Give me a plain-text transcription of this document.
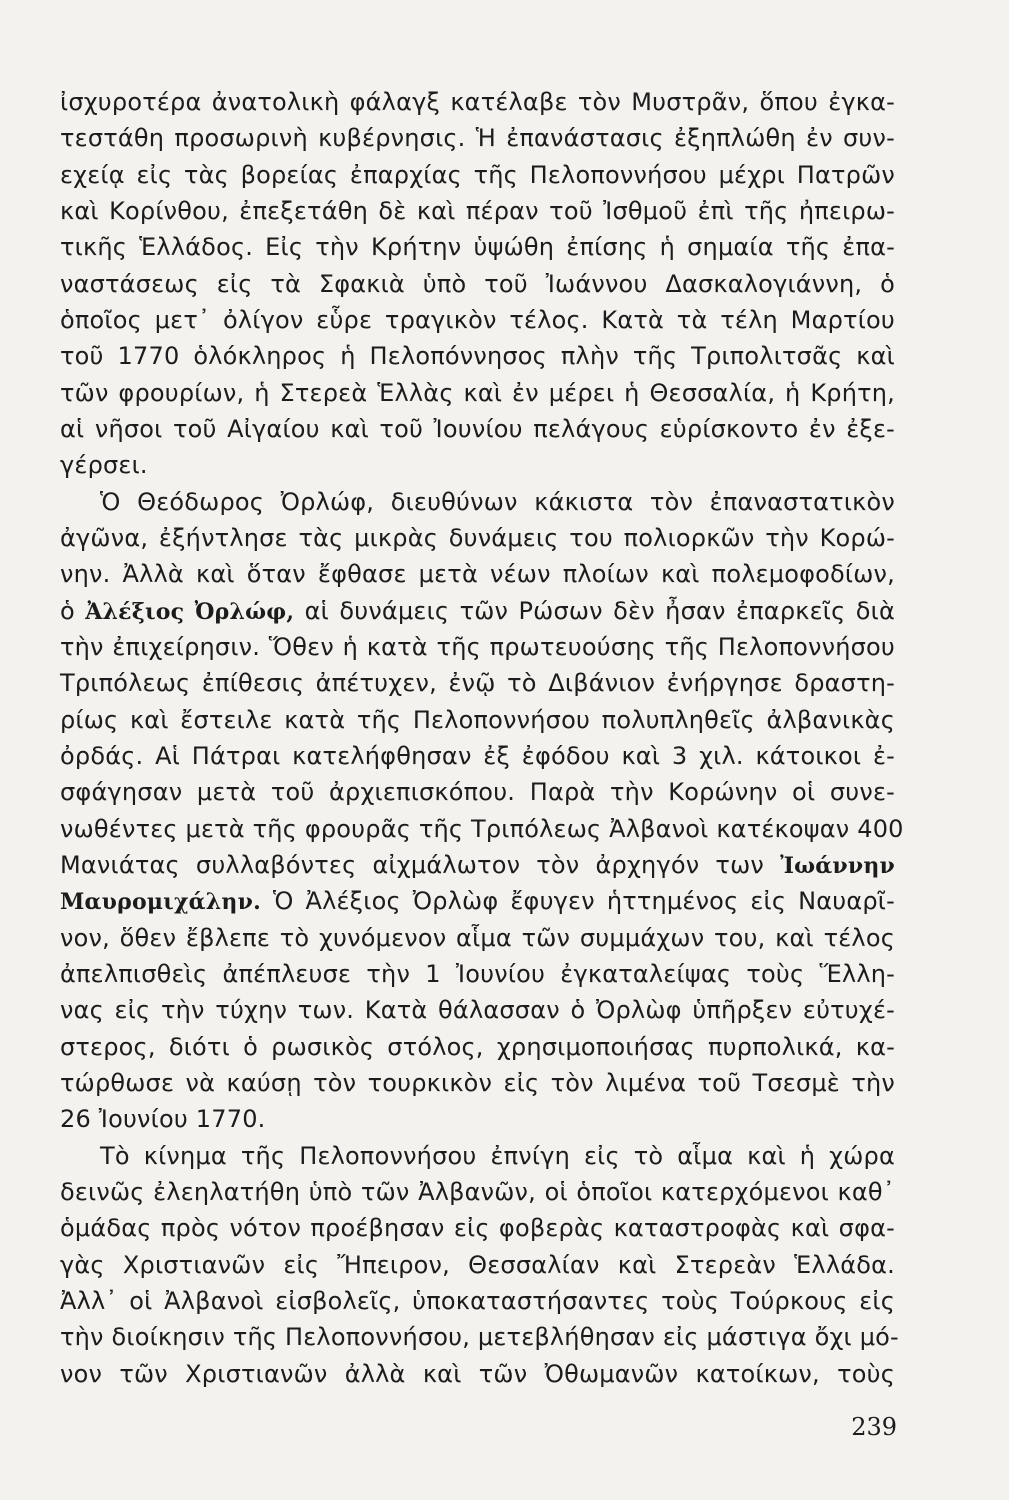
ἰσχυροτέρα ἀνατολικὴ φάλαγξ κατέλαβε τὸν Μυστρᾶν, ὅπου ἐγκα-
τεστάθη προσωρινὴ κυβέρνησις. Ἡ ἐπανάστασις ἐξηπλώθη ἐν συν-
εχείᾳ εἰς τὰς βορείας ἐπαρχίας τῆς Πελοποννήσου μέχρι Πατρῶν
καὶ Κορίνθου, ἐπεξετάθη δὲ καὶ πέραν τοῦ Ἰσθμοῦ ἐπὶ τῆς ἠπειρω-
τικῆς Ἑλλάδος. Εἰς τὴν Κρήτην ὑψώθη ἐπίσης ἡ σημαία τῆς ἐπα-
ναστάσεως εἰς τὰ Σφακιὰ ὑπὸ τοῦ Ἰωάννου Δασκαλογιάννη, ὁ
ὁποῖος μετ᾽ ὀλίγον εὗρε τραγικὸν τέλος. Κατὰ τὰ τέλη Μαρτίου
τοῦ 1770 ὁλόκληρος ἡ Πελοπόννησος πλὴν τῆς Τριπολιτσᾶς καὶ
τῶν φρουρίων, ἡ Στερεὰ Ἑλλὰς καὶ ἐν μέρει ἡ Θεσσαλία, ἡ Κρήτη,
αἱ νῆσοι τοῦ Αἰγαίου καὶ τοῦ Ἰουνίου πελάγους εὑρίσκοντο ἐν ἐξε-
γέρσει.
Ὁ Θεόδωρος Ὀρλώφ, διευθύνων κάκιστα τὸν ἐπαναστατικὸν
ἀγῶνα, ἐξήντλησε τὰς μικρὰς δυνάμεις του πολιορκῶν τὴν Κορώ-
νην. Ἀλλὰ καὶ ὅταν ἔφθασε μετὰ νέων πλοίων καὶ πολεμοφοδίων,
ὁ Ἀλέξιος Ὀρλώφ, αἱ δυνάμεις τῶν Ρώσων δὲν ἦσαν ἐπαρκεῖς διὰ
τὴν ἐπιχείρησιν. Ὅθεν ἡ κατὰ τῆς πρωτευούσης τῆς Πελοποννήσου
Τριπόλεως ἐπίθεσις ἀπέτυχεν, ἐνῷ τὸ Διβάνιον ἐνήργησε δραστη-
ρίως καὶ ἔστειλε κατὰ τῆς Πελοποννήσου πολυπληθεῖς ἀλβανικὰς
ὀρδάς. Αἱ Πάτραι κατελήφθησαν ἐξ ἐφόδου καὶ 3 χιλ. κάτοικοι ἐ-
σφάγησαν μετὰ τοῦ ἀρχιεπισκόπου. Παρὰ τὴν Κορώνην οἱ συνε-
νωθέντες μετὰ τῆς φρουρᾶς τῆς Τριπόλεως Ἀλβανοὶ κατέκοψαν 400
Μανιάτας συλλαβόντες αἰχμάλωτον τὸν ἀρχηγόν των Ἰωάννην
Μαυρομιχάλην. Ὁ Ἀλέξιος Ὀρλὼφ ἔφυγεν ἡττημένος εἰς Ναυαρῖ-
νον, ὅθεν ἔβλεπε τὸ χυνόμενον αἷμα τῶν συμμάχων του, καὶ τέλος
ἀπελπισθεὶς ἀπέπλευσε τὴν 1 Ἰουνίου ἐγκαταλείψας τοὺς Ἕλλη-
νας εἰς τὴν τύχην των. Κατὰ θάλασσαν ὁ Ὀρλὼφ ὑπῆρξεν εὐτυχέ-
στερος, διότι ὁ ρωσικὸς στόλος, χρησιμοποιήσας πυρπολικά, κα-
τώρθωσε νὰ καύσῃ τὸν τουρκικὸν εἰς τὸν λιμένα τοῦ Τσεσμὲ τὴν
26 Ἰουνίου 1770.
Τὸ κίνημα τῆς Πελοποννήσου ἐπνίγη εἰς τὸ αἷμα καὶ ἡ χώρα
δεινῶς ἐλεηλατήθη ὑπὸ τῶν Ἀλβανῶν, οἱ ὁποῖοι κατερχόμενοι καθ᾽
ὁμάδας πρὸς νότον προέβησαν εἰς φοβερὰς καταστροφὰς καὶ σφα-
γὰς Χριστιανῶν εἰς Ἤπειρον, Θεσσαλίαν καὶ Στερεὰν Ἑλλάδα.
Ἀλλ᾽ οἱ Ἀλβανοὶ εἰσβολεῖς, ὑποκαταστήσαντες τοὺς Τούρκους εἰς
τὴν διοίκησιν τῆς Πελοποννήσου, μετεβλήθησαν εἰς μάστιγα ὄχι μό-
νον τῶν Χριστιανῶν ἀλλὰ καὶ τῶν Ὀθωμανῶν κατοίκων, τοὺς
239
